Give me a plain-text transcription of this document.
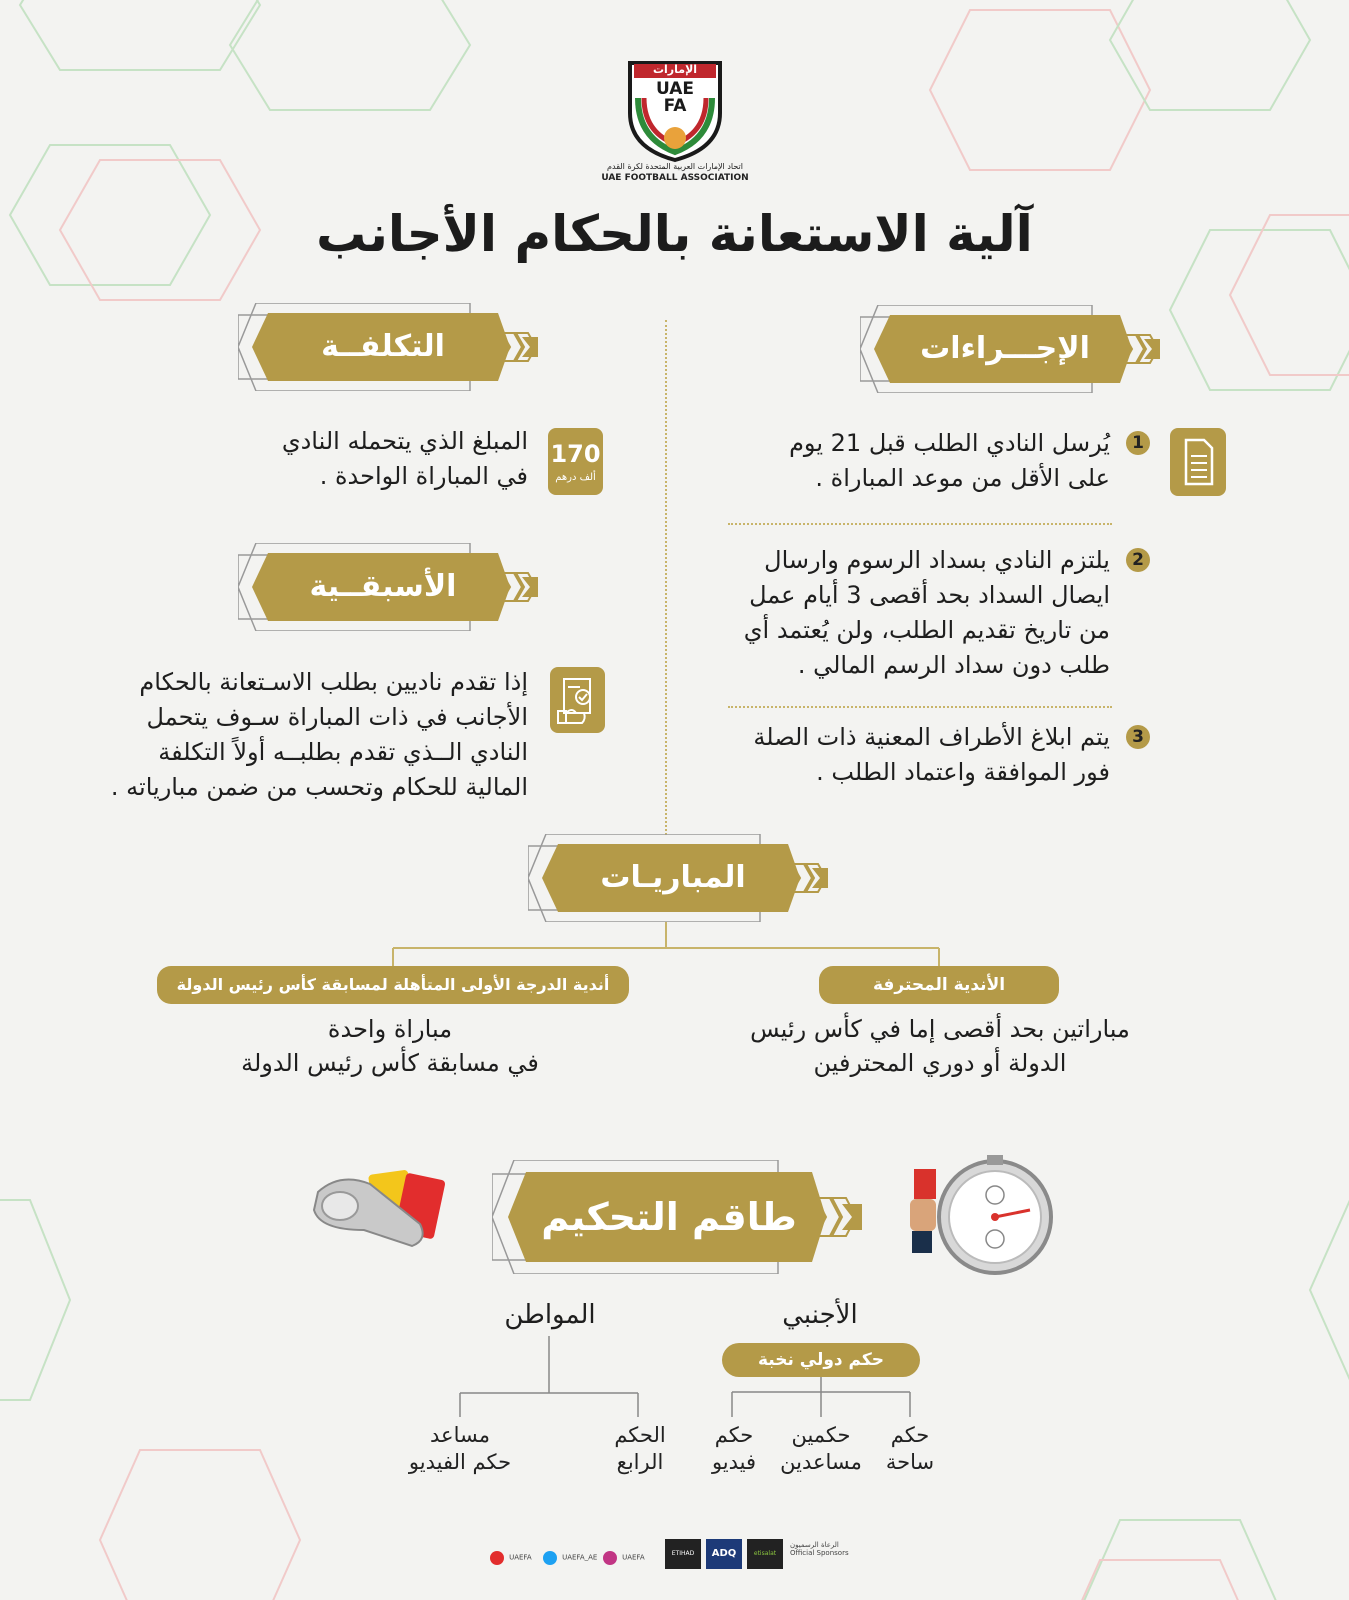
الإمارات
UAE FA
اتحاد الإمارات العربية المتحدة لكرة القدم
UAE FOOTBALL ASSOCIATION
آلية الاستعانة بالحكام الأجانب
الإجـــراءات
التكلفــة
الأسبقــية
1
يُرسل النادي الطلب قبل 21 يوم
على الأقل من موعد المباراة .
2
يلتزم النادي بسداد الرسوم وارسال
ايصال السداد بحد أقصى 3 أيام عمل
من تاريخ تقديم الطلب، ولن يُعتمد أي
طلب دون سداد الرسم المالي .
3
يتم ابلاغ الأطراف المعنية ذات الصلة
فور الموافقة واعتماد الطلب .
170
ألف درهم
المبلغ الذي يتحمله النادي
في المباراة الواحدة .
إذا تقدم ناديين بطلب الاسـتعانة بالحكام
الأجانب في ذات المباراة سـوف يتحمل
النادي الــذي تقدم بطلبــه أولاً التكلفة
المالية للحكام وتحسب من ضمن مبارياته .
المباريـات
الأندية المحترفة
مباراتين بحد أقصى إما في كأس رئيس
الدولة أو دوري المحترفين
أندية الدرجة الأولى المتأهلة لمسابقة كأس رئيس الدولة
مباراة واحدة
في مسابقة كأس رئيس الدولة
طاقم التحكيم
الأجنبي
حكم دولي نخبة
المواطن
حكم
ساحة
حكمين
مساعدين
حكم
فيديو
الحكم
الرابع
مساعد
حكم الفيديو
UAEFA	UAEFA_AE	UAEFA	ETIHAD	ADQ	etisalat
الرعاة الرسميون
Official Sponsors
